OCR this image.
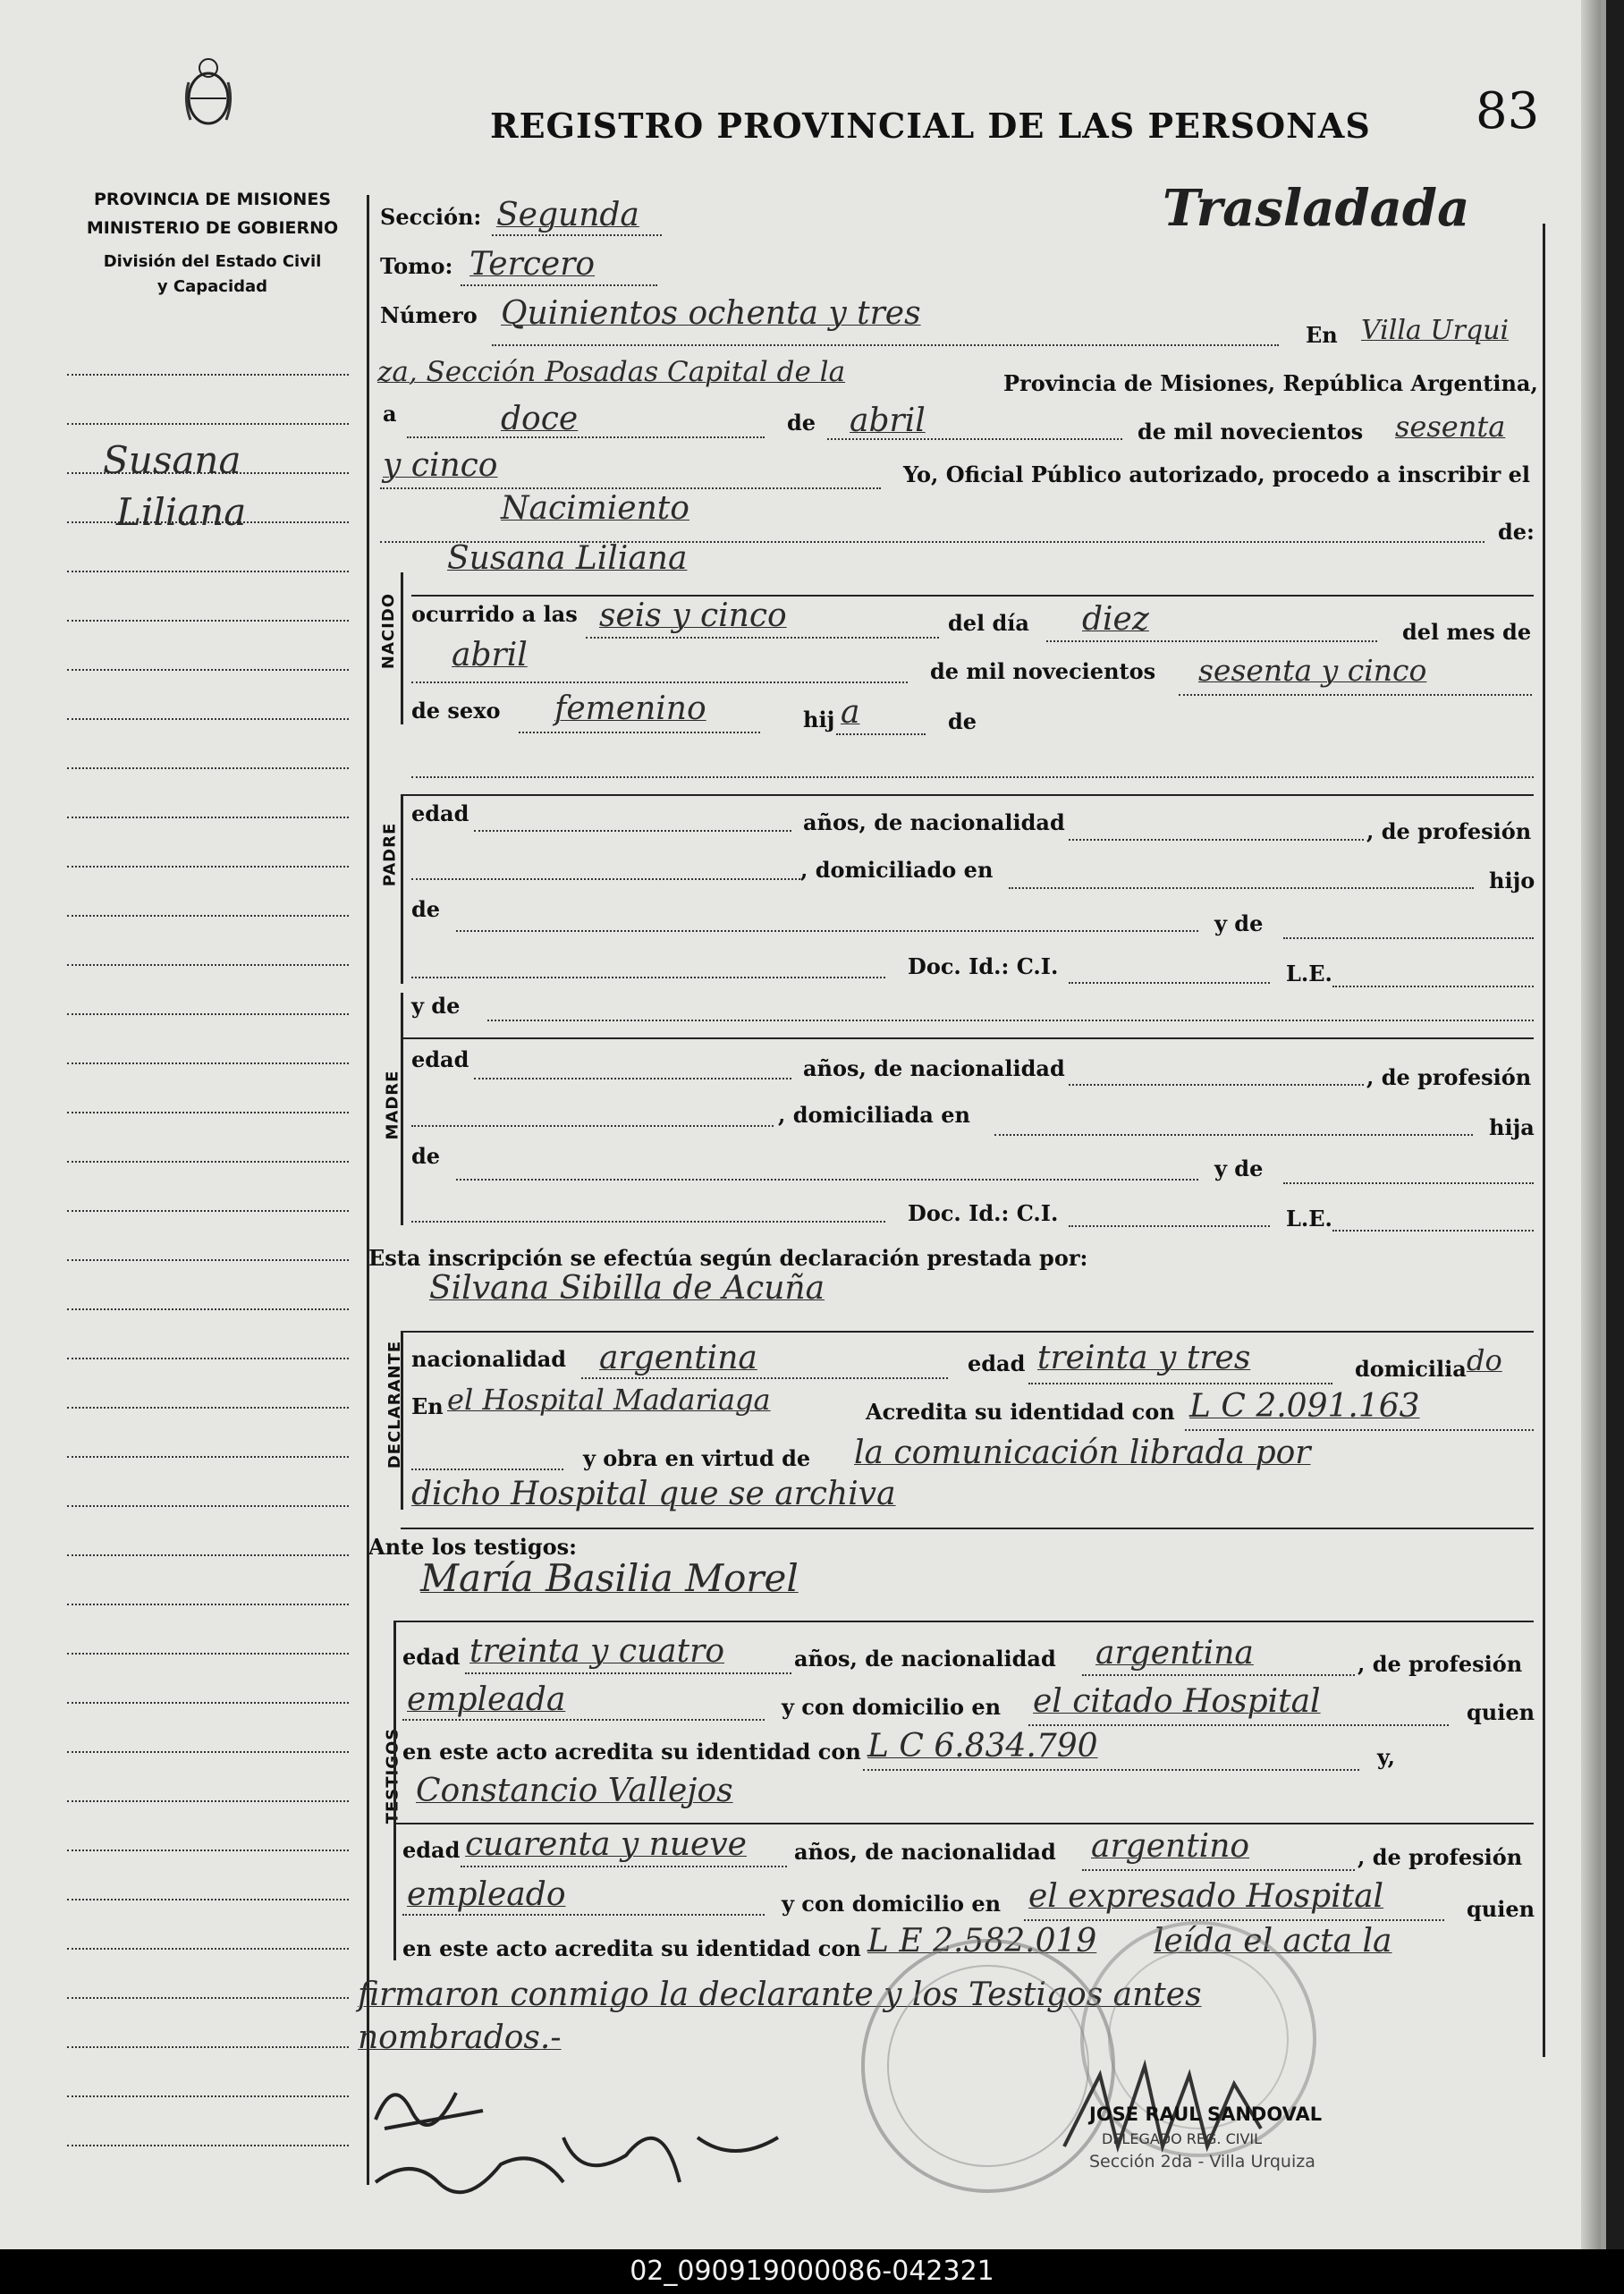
PROVINCIA DE MISIONES
MINISTERIO DE GOBIERNO
División del Estado Civil
y Capacidad
REGISTRO PROVINCIAL DE LAS PERSONAS 83
Trasladada
Susana
Liliana
Sección: Segunda
Tomo: Tercero
Número Quinientos ochenta y tres
En Villa Urqui
za, Sección Posadas Capital de la	Provincia de Misiones, República Argentina,
a	doce	de abril	de mil novecientos sesenta
y cinco	Yo, Oficial Público autorizado, procedo a inscribir el
Nacimiento
de:
NACIDO
Susana Liliana
ocurrido a las seis y cinco	del día diez	del mes de
abril	de mil novecientos sesenta y cinco
de sexo femenino	hij a	de
PADRE
edad	años, de nacionalidad	, de profesión
, domiciliado en	hijo
de
y de
Doc. Id.: C.I.	L.E.
y de
MADRE
edad	años, de nacionalidad	, de profesión
, domiciliada en	hija
de	y de
Doc. Id.: C.I.	L.E.
Esta inscripción se efectúa según declaración prestada por:
Silvana Sibilla de Acuña
DECLARANTE nacionalidad argentina	edad treinta y tres	domicilia do
En el Hospital Madariaga	Acredita su identidad con L C 2.091.163
y obra en virtud de la comunicación librada por
dicho Hospital que se archiva
Ante los testigos:
María Basilia Morel
TESTIGOS
edad treinta y cuatro	años, de nacionalidad argentina	, de profesión
empleada	y con domicilio en el citado Hospital	quien
en este acto acredita su identidad con L C 6.834.790	y,
Constancio Vallejos
edad cuarenta y nueve años, de nacionalidad argentino	, de profesión
empleado	y con domicilio en el expresado Hospital	quien
en este acto acredita su identidad con L E 2.582.019 leída el acta la
firmaron conmigo la declarante y los Testigos antes
nombrados.-
JOSE RAUL SANDOVAL
DELEGADO REG. CIVIL
Sección 2da - Villa Urquiza
02_090919000086-042321
